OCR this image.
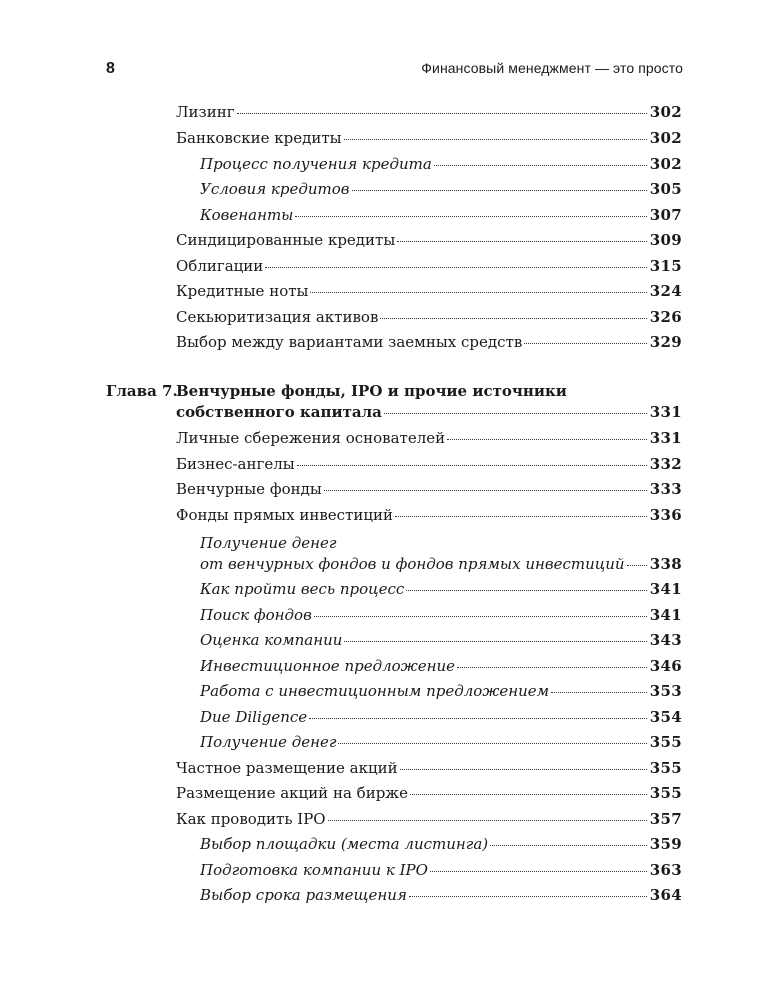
8	Финансовый менеджмент — это просто
Лизинг	302
Банковские кредиты	302
Процесс получения кредита	302
Условия кредитов	305
Ковенанты	307
Синдицированные кредиты	309
Облигации	315
Кредитные ноты	324
Секьюритизация активов	326
Выбор между вариантами заемных средств	329
Глава 7.
Венчурные фонды, IPO и прочие источники
собственного капитала	331
Личные сбережения основателей	331
Бизнес-ангелы	332
Венчурные фонды	333
Фонды прямых инвестиций	336
Получение денег
от венчурных фондов и фондов прямых инвестиций 338
Как пройти весь процесс	341
Поиск фондов	341
Оценка компании	343
Инвестиционное предложение	346
Работа с инвестиционным предложением	353
Due Diligence	354
Получение денег	355
Частное размещение акций	355
Размещение акций на бирже	355
Как проводить IPO	357
Выбор площадки (места листинга)	359
Подготовка компании к IPO	363
Выбор срока размещения	364
